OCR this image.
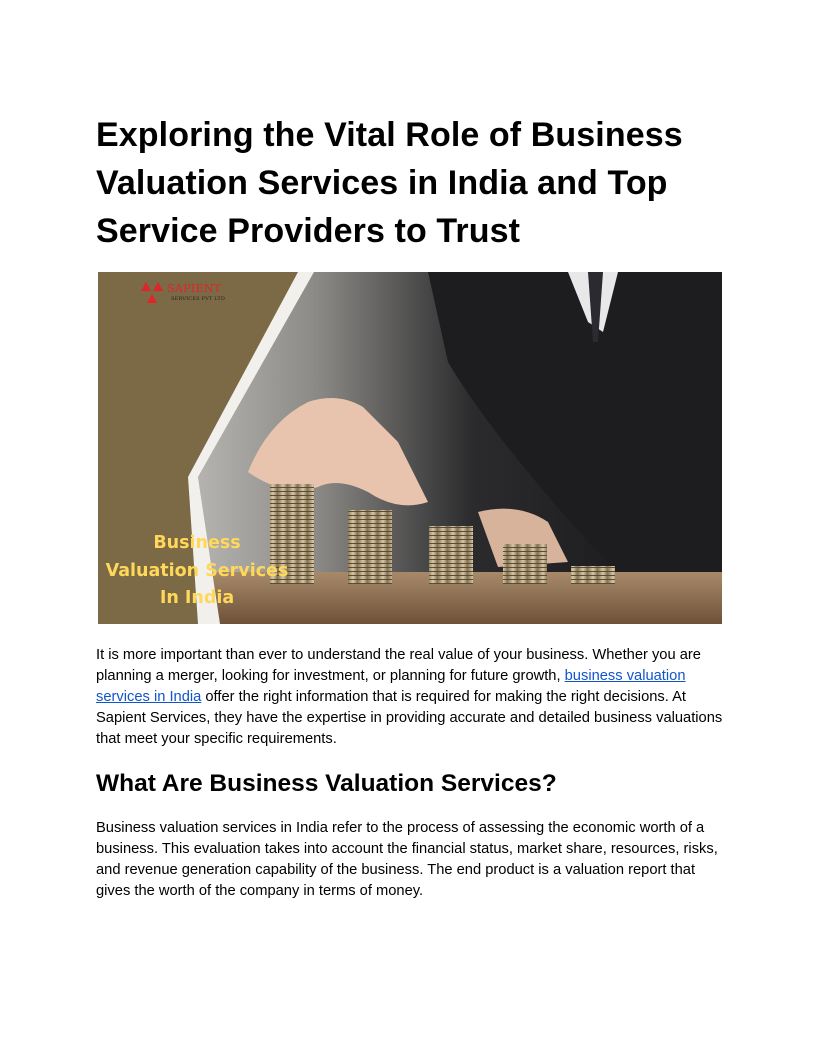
Exploring the Vital Role of Business Valuation Services in India and Top Service Providers to Trust
SAPIENT
SERVICES PVT LTD
Business
Valuation Services
In India

It is more important than ever to understand the real value of your business. Whether you are planning a merger, looking for investment, or planning for future growth, business valuation services in India offer the right information that is required for making the right decisions. At Sapient Services, they have the expertise in providing accurate and detailed business valuations that meet your specific requirements.

What Are Business Valuation Services?

Business valuation services in India refer to the process of assessing the economic worth of a business. This evaluation takes into account the financial status, market share, resources, risks, and revenue generation capability of the business. The end product is a valuation report that gives the worth of the company in terms of money.
